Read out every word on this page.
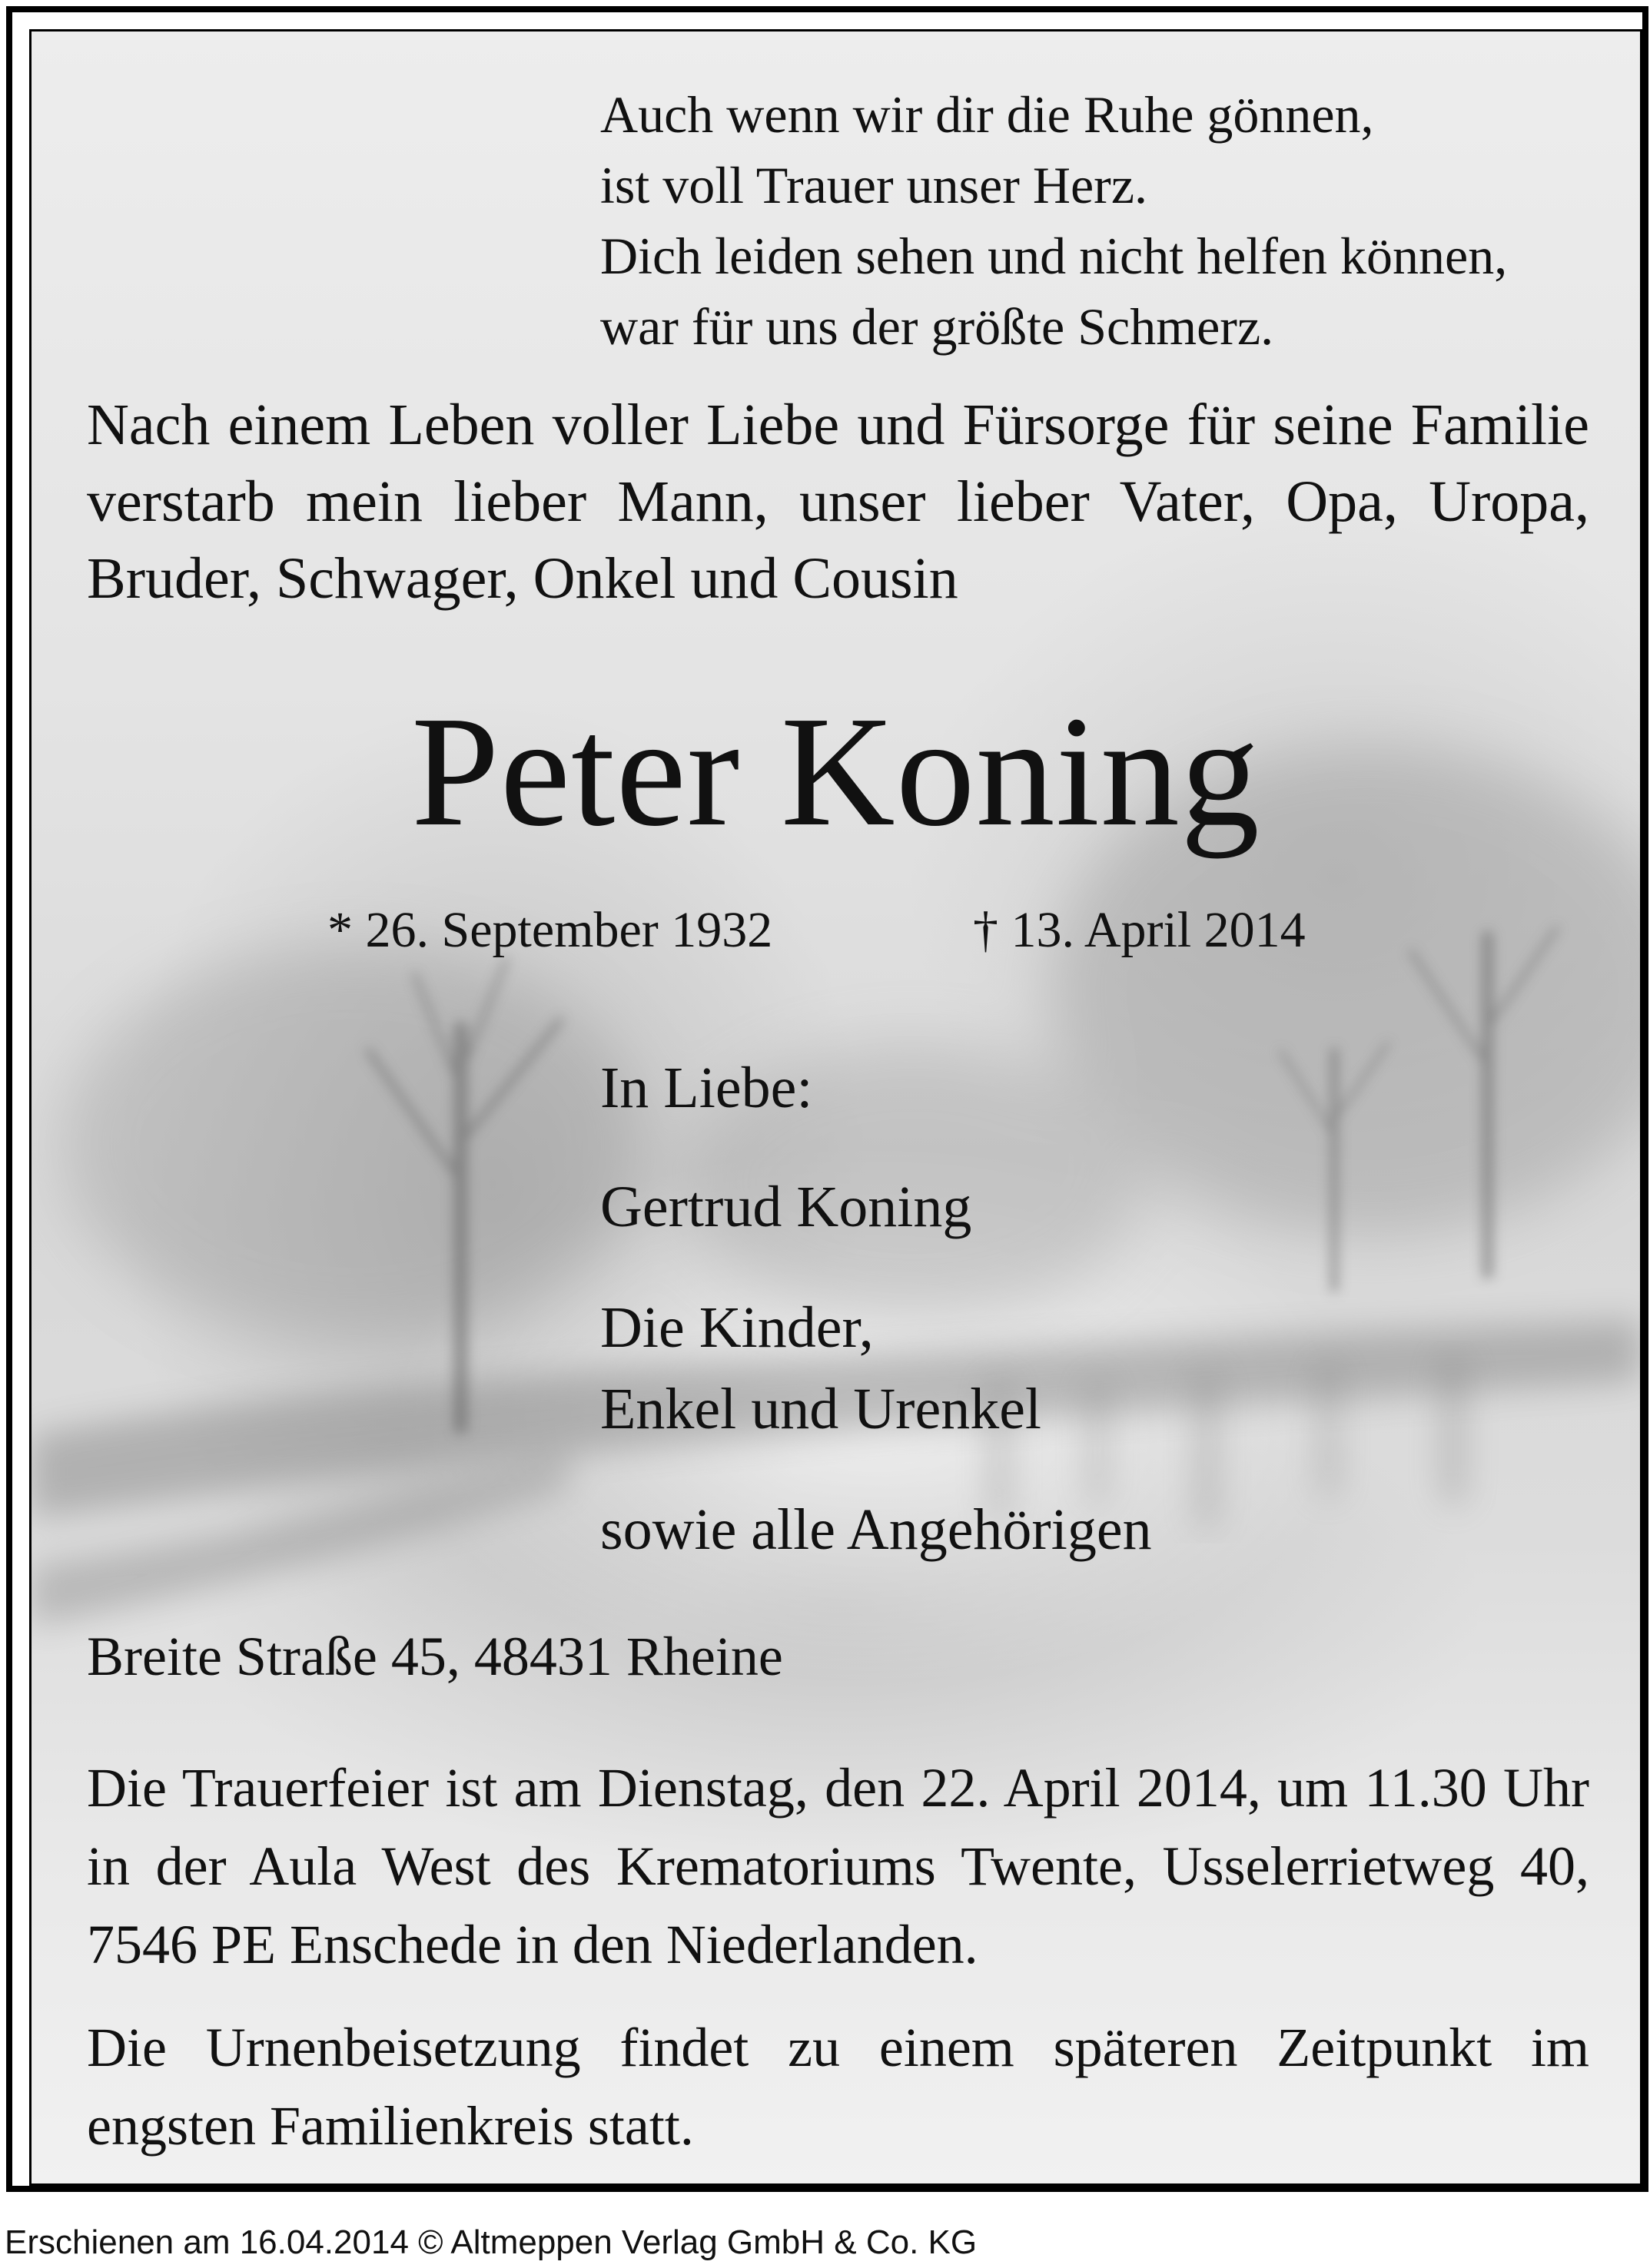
Auch wenn wir dir die Ruhe gönnen,
ist voll Trauer unser Herz.
Dich leiden sehen und nicht helfen können,
war für uns der größte Schmerz.

Nach einem Leben voller Liebe und Fürsorge für seine Familie verstarb mein lieber Mann, unser lieber Vater, Opa, Uropa, Bruder, Schwager, Onkel und Cousin

Peter Koning
* 26. September 1932	† 13. April 2014
In Liebe:
Gertrud Koning
Die Kinder,
Enkel und Urenkel
sowie alle Angehörigen
Breite Straße 45, 48431 Rheine

Die Trauerfeier ist am Dienstag, den 22. April 2014, um 11.30 Uhr in der Aula West des Krematoriums Twente, Usselerrietweg 40, 7546 PE Enschede in den Niederlanden.

Die Urnenbeisetzung findet zu einem späteren Zeitpunkt im engsten Familienkreis statt.

Erschienen am 16.04.2014 © Altmeppen Verlag GmbH & Co. KG
